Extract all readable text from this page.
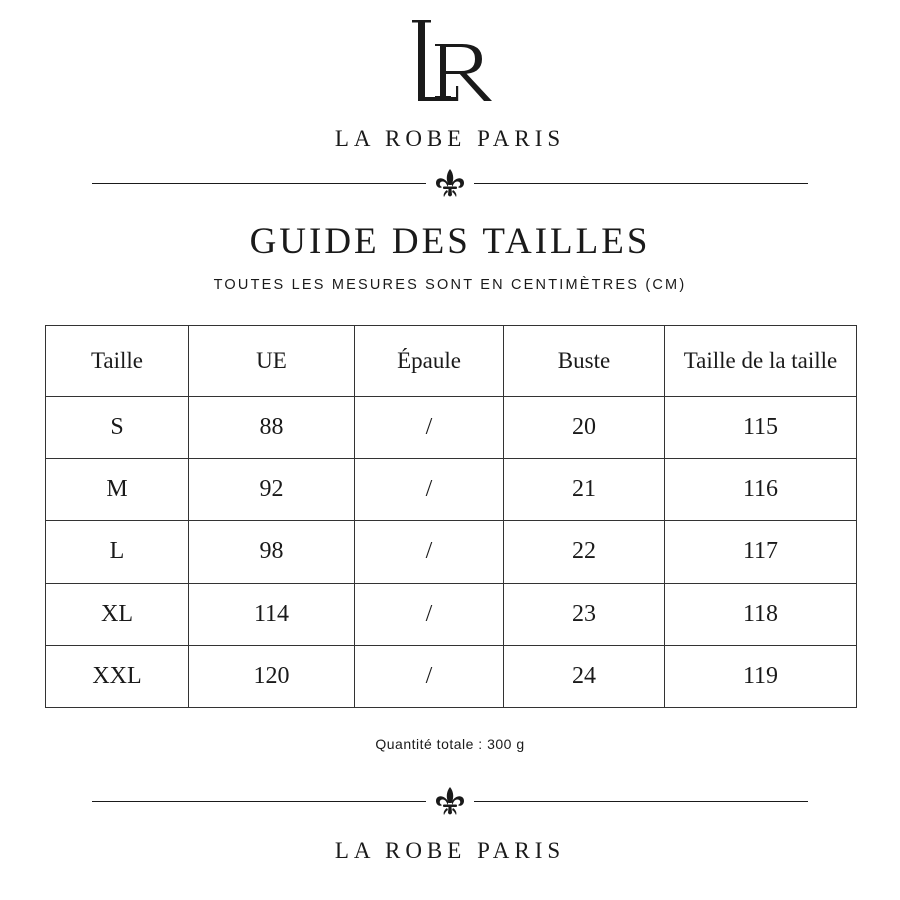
LA ROBE PARIS
GUIDE DES TAILLES
TOUTES LES MESURES SONT EN CENTIMÈTRES (CM)
Taille	UE	Épaule	Buste	Taille de la taille
S	88	/	20	115
M	92	/	21	116
L	98	/	22	117
XL	114	/	23	118
XXL	120	/	24	119
Quantité totale : 300 g
LA ROBE PARIS
